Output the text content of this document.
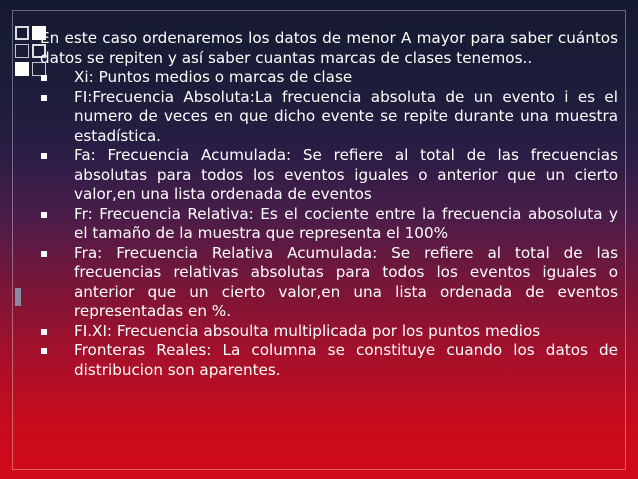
En este caso ordenaremos los datos de menor A mayor para saber cuántos datos se repiten y así saber cuantas marcas de clases tenemos..

Xi: Puntos medios o marcas de clase
FI:Frecuencia Absoluta:La frecuencia absoluta de un evento i es el numero de veces en que dicho evente se repite durante una muestra estadística.
Fa: Frecuencia Acumulada: Se refiere al total de las frecuencias absolutas para todos los eventos iguales o anterior que un cierto valor,en una lista ordenada de eventos
Fr: Frecuencia Relativa: Es el cociente entre la frecuencia abosoluta y el tamaño de la muestra que representa el 100%
Fra: Frecuencia Relativa Acumulada: Se refiere al total de las frecuencias relativas absolutas para todos los eventos iguales o anterior que un cierto valor,en una lista ordenada de eventos representadas en %.
FI.XI: Frecuencia absoulta multiplicada por los puntos medios
Fronteras Reales: La columna se constituye cuando los datos de distribucion son aparentes.
